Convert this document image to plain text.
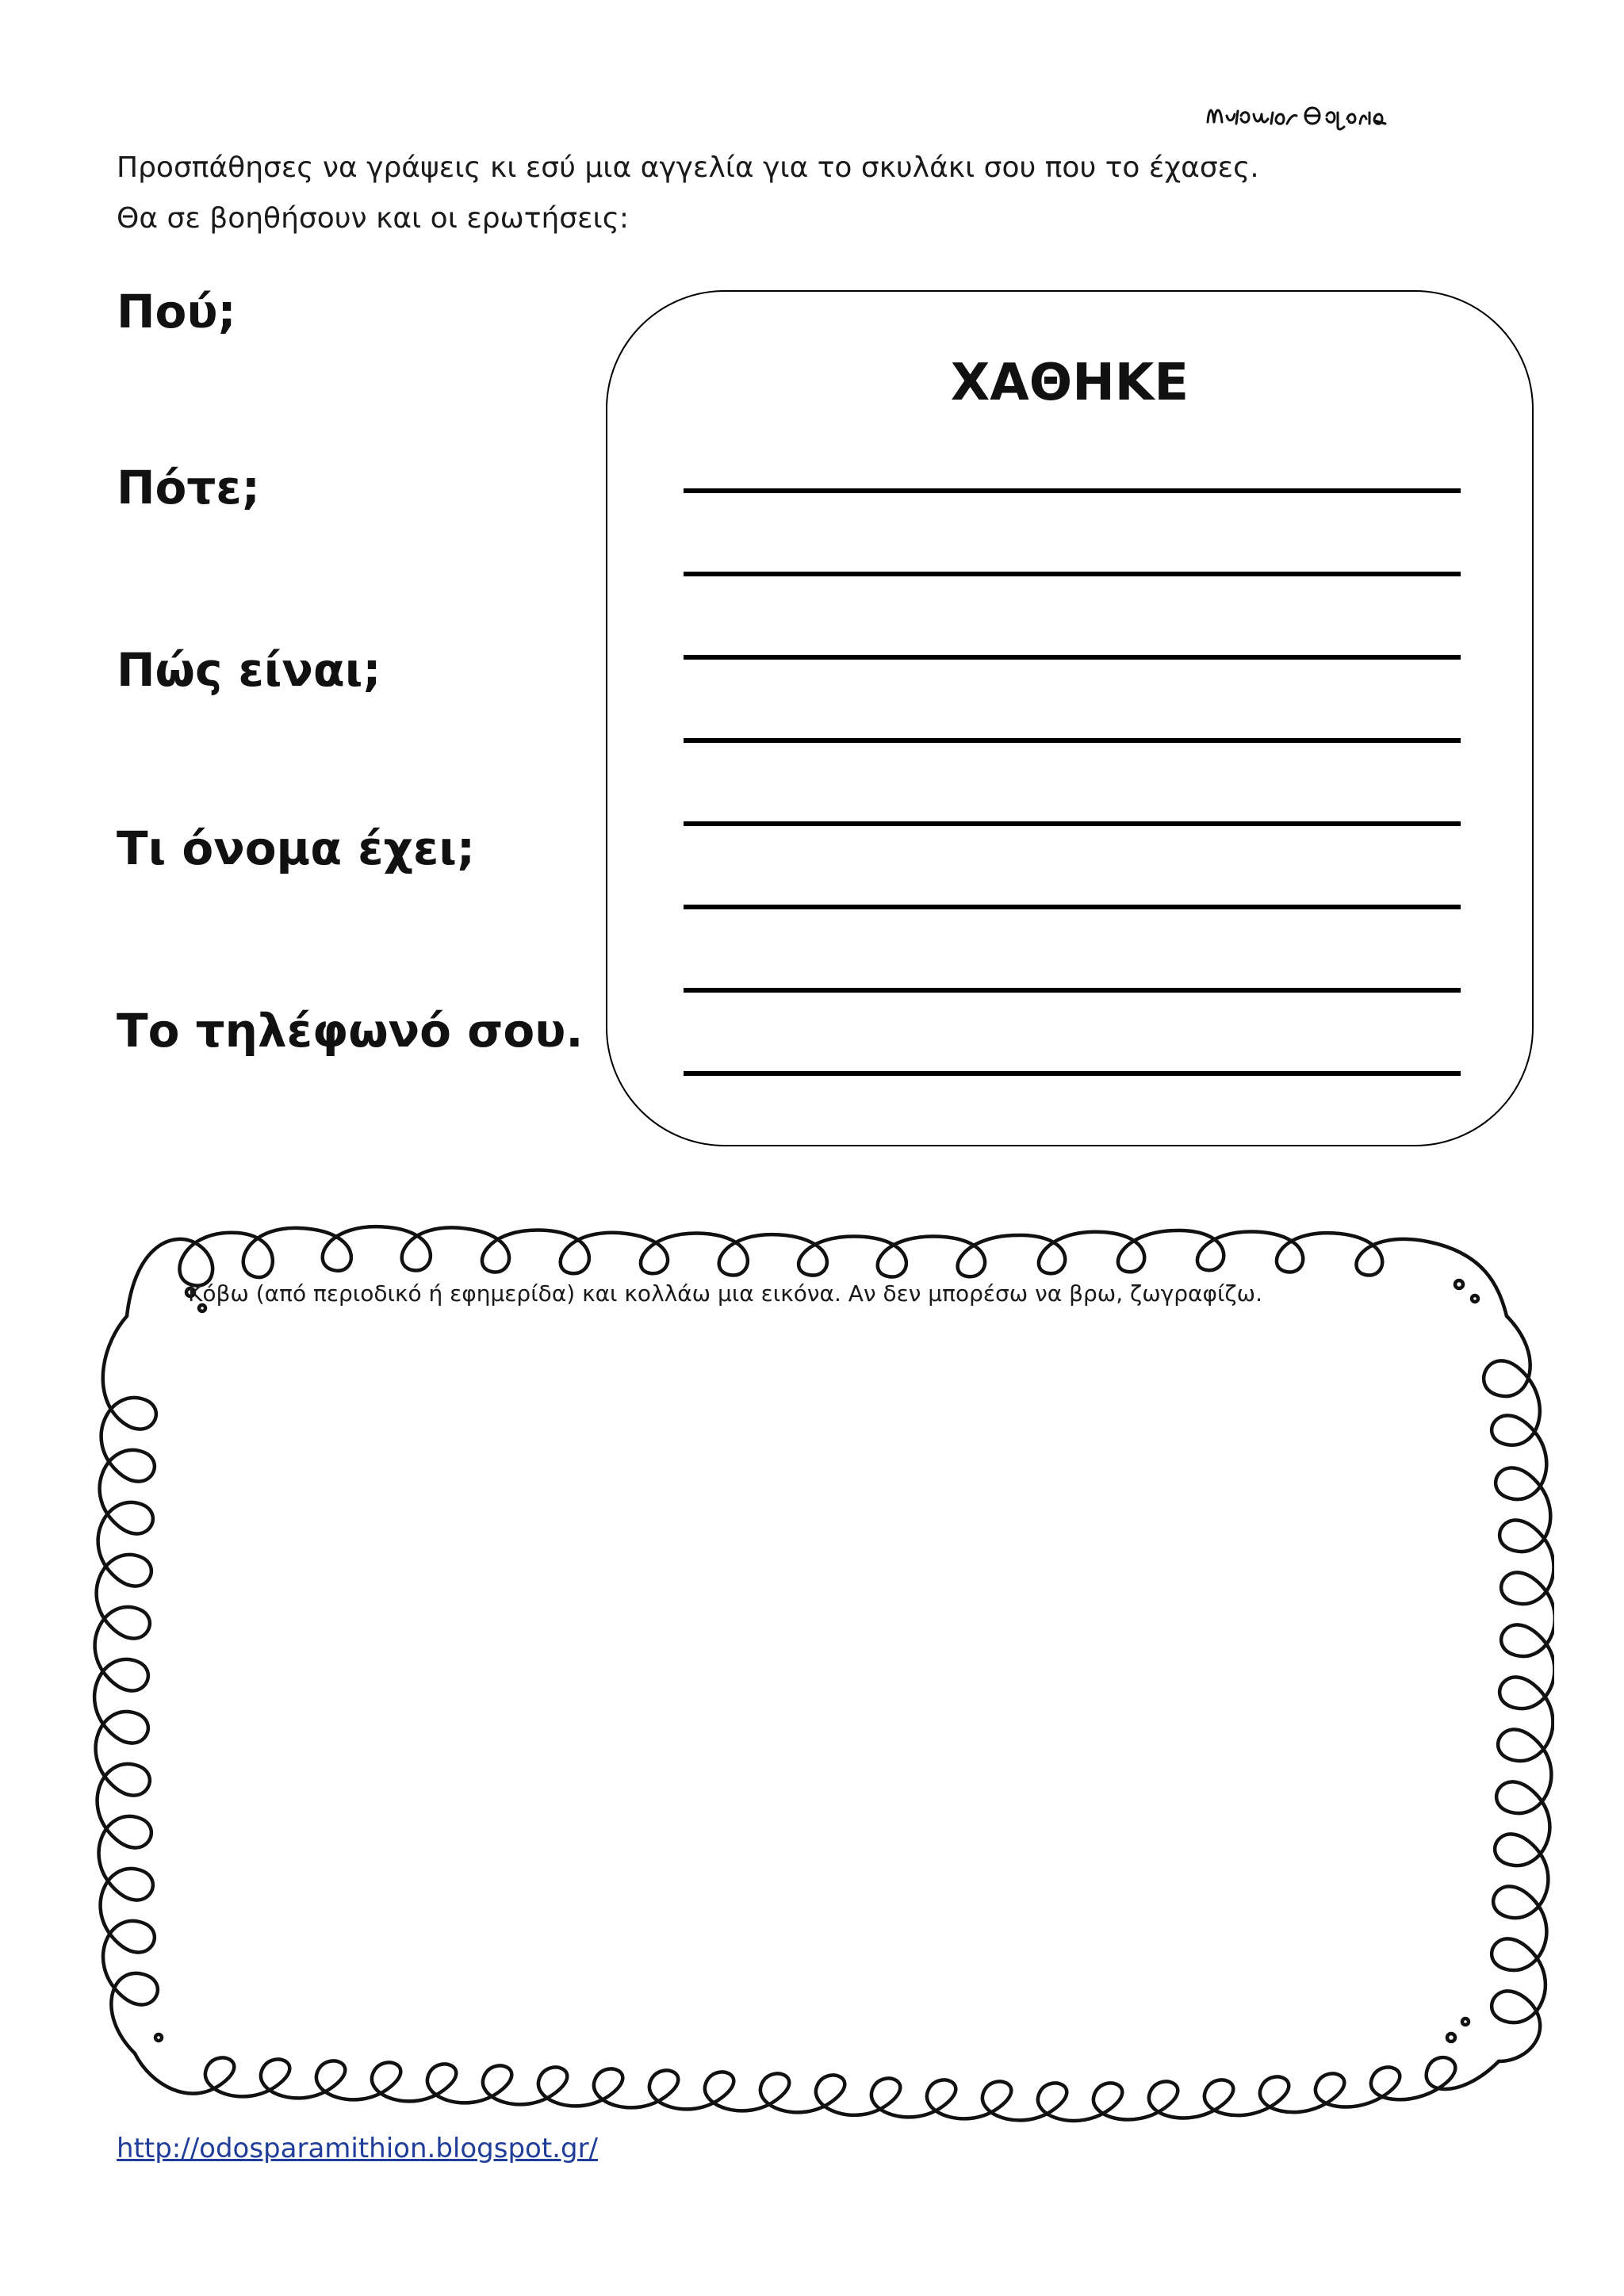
Προσπάθησες να γράψεις κι εσύ μια αγγελία για το σκυλάκι σου που το έχασες.

Θα σε βοηθήσουν και οι ερωτήσεις:

Πού;
Πότε;
Πώς είναι;
Τι όνομα έχει;
Το τηλέφωνό σου.
ΧΑΘΗΚΕ
Κόβω (από περιοδικό ή εφημερίδα) και κολλάω μια εικόνα. Αν δεν μπορέσω να βρω, ζωγραφίζω.
http://odosparamithion.blogspot.gr/
